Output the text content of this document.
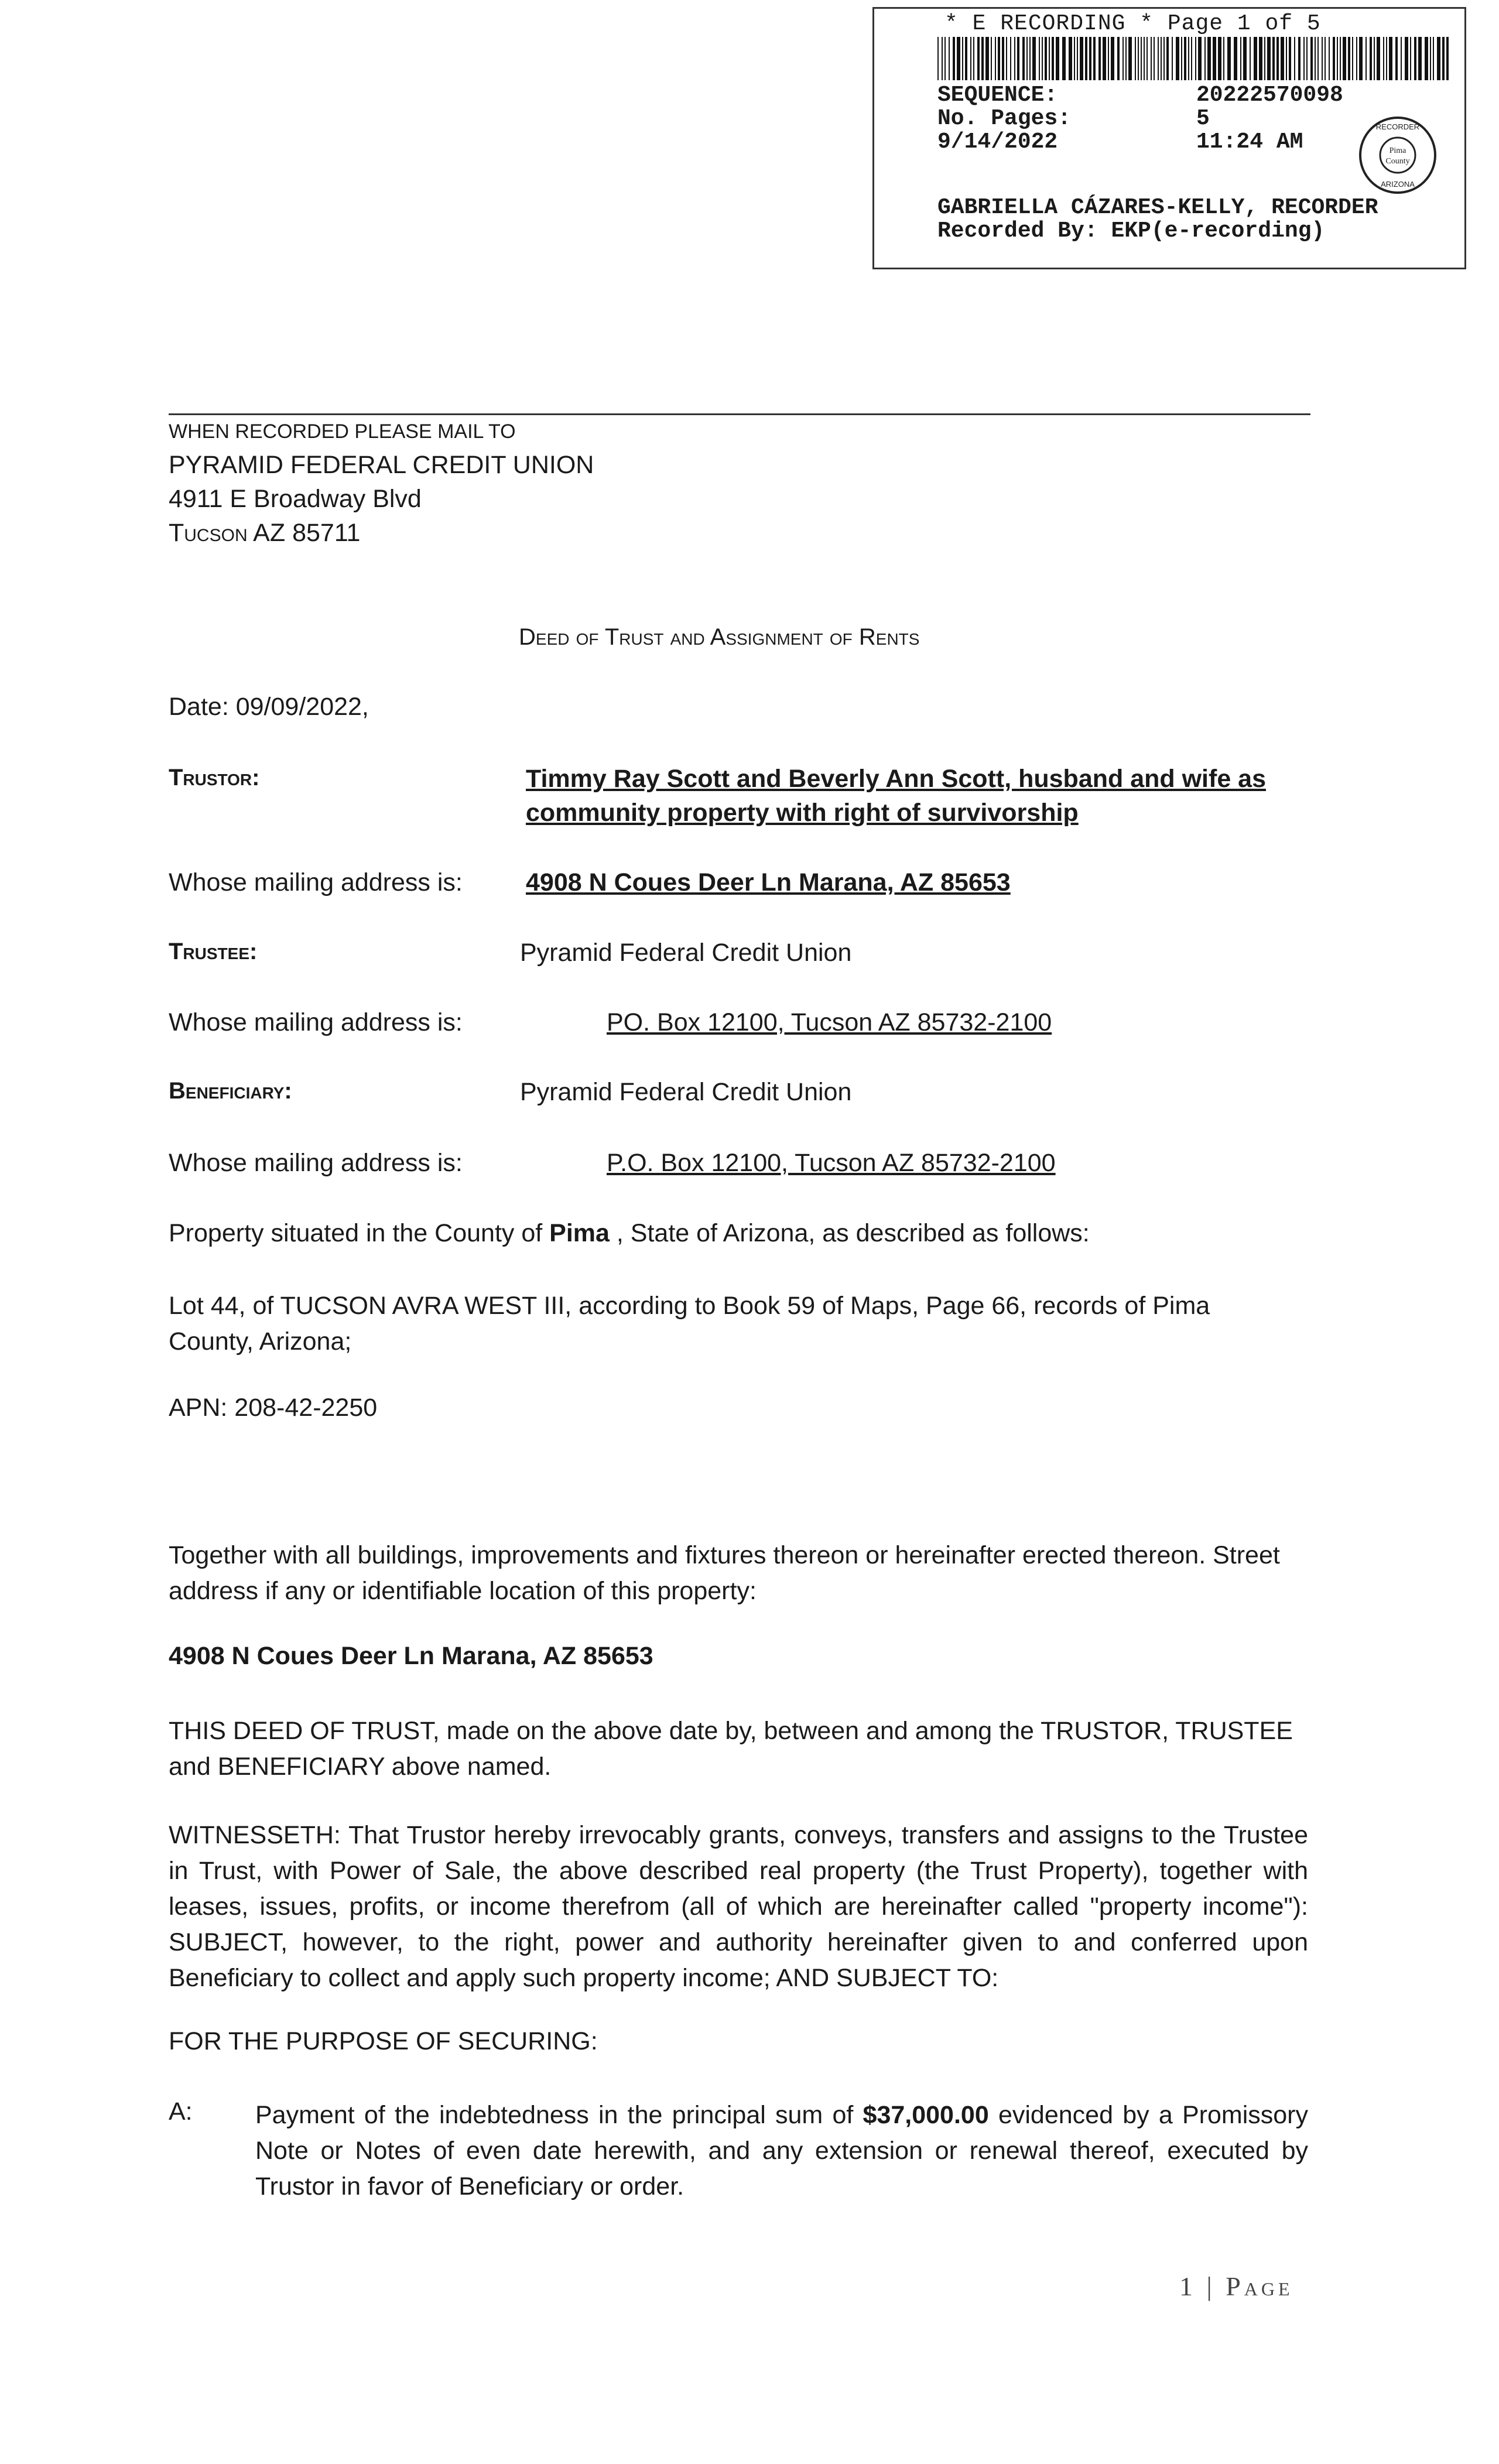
* E RECORDING * Page 1 of 5
SEQUENCE:	20222570098
No. Pages:	5
9/14/2022	11:24 AM	Pima
County
RECORDER
ARIZONA
GABRIELLA CÁZARES-KELLY, RECORDER
Recorded By: EKP(e-recording)
WHEN RECORDED PLEASE MAIL TO
PYRAMID FEDERAL CREDIT UNION
4911 E Broadway Blvd
Tucson AZ 85711
Deed of Trust and Assignment of Rents
Date: 09/09/2022,
Trustor:	Timmy Ray Scott and Beverly Ann Scott, husband and wife as
community property with right of survivorship
Whose mailing address is:	4908 N Coues Deer Ln Marana, AZ 85653
Trustee:	Pyramid Federal Credit Union
Whose mailing address is:	PO. Box 12100, Tucson AZ 85732-2100
Beneficiary:	Pyramid Federal Credit Union
Whose mailing address is:	P.O. Box 12100, Tucson AZ 85732-2100
Property situated in the County of Pima , State of Arizona, as described as follows:
Lot 44, of TUCSON AVRA WEST III, according to Book 59 of Maps, Page 66, records of Pima County, Arizona;
APN: 208-42-2250
Together with all buildings, improvements and fixtures thereon or hereinafter erected thereon. Street address if any or identifiable location of this property:
4908 N Coues Deer Ln Marana, AZ 85653
THIS DEED OF TRUST, made on the above date by, between and among the TRUSTOR, TRUSTEE and BENEFICIARY above named.
WITNESSETH: That Trustor hereby irrevocably grants, conveys, transfers and assigns to the Trustee in Trust, with Power of Sale, the above described real property (the Trust Property), together with leases, issues, profits, or income therefrom (all of which are hereinafter called "property income"): SUBJECT, however, to the right, power and authority hereinafter given to and conferred upon Beneficiary to collect and apply such property income; AND SUBJECT TO:
FOR THE PURPOSE OF SECURING:
A: Payment of the indebtedness in the principal sum of $37,000.00 evidenced by a Promissory Note or Notes of even date herewith, and any extension or renewal thereof, executed by Trustor in favor of Beneficiary or order.
1 | Page
